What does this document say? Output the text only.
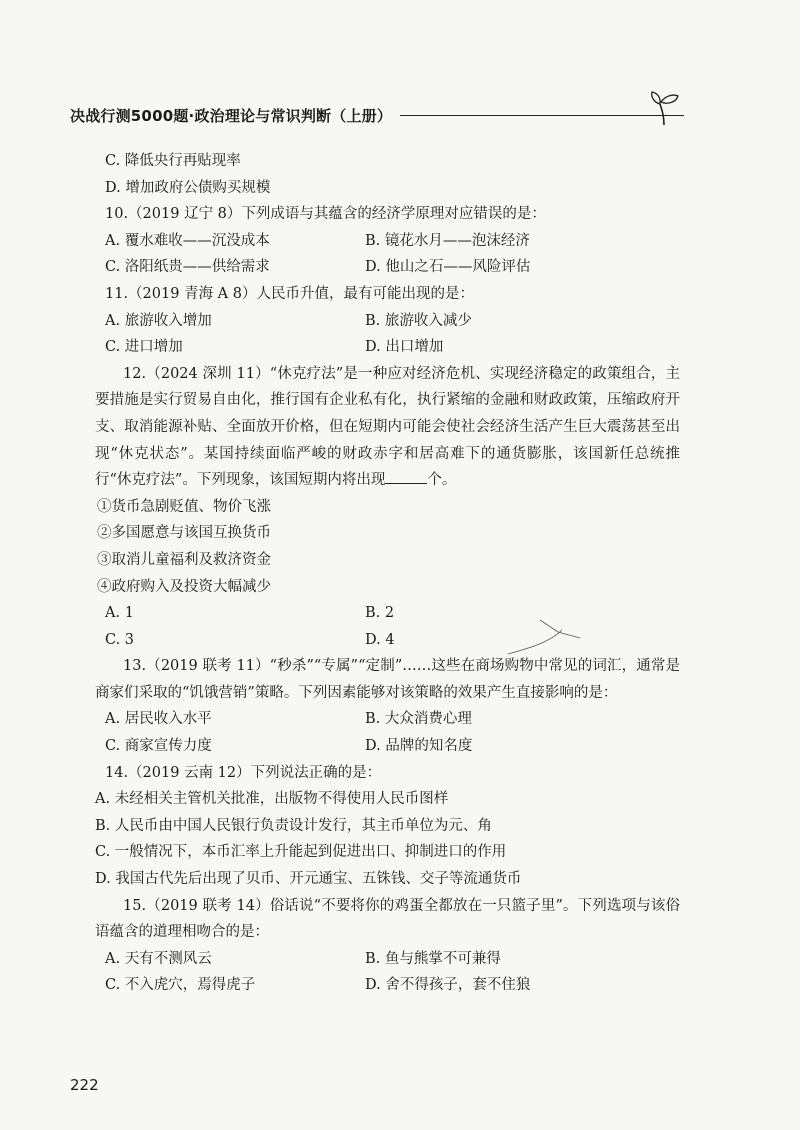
决战行测5000题·政治理论与常识判断（上册）
C. 降低央行再贴现率
D. 增加政府公债购买规模
10.（2019 辽宁 8）下列成语与其蕴含的经济学原理对应错误的是：
A. 覆水难收——沉没成本	B. 镜花水月——泡沫经济
C. 洛阳纸贵——供给需求	D. 他山之石——风险评估
11.（2019 青海 A 8）人民币升值，最有可能出现的是：
A. 旅游收入增加	B. 旅游收入减少
C. 进口增加	D. 出口增加
12.（2024 深圳 11）“休克疗法”是一种应对经济危机、实现经济稳定的政策组合，主要措施是实行贸易自由化，推行国有企业私有化，执行紧缩的金融和财政政策，压缩政府开支、取消能源补贴、全面放开价格，但在短期内可能会使社会经济生活产生巨大震荡甚至出现“休克状态”。某国持续面临严峻的财政赤字和居高难下的通货膨胀，该国新任总统推行“休克疗法”。下列现象，该国短期内将出现	个。
①货币急剧贬值、物价飞涨
②多国愿意与该国互换货币
③取消儿童福利及救济资金
④政府购入及投资大幅减少
A. 1	B. 2
C. 3	D. 4
13.（2019 联考 11）“秒杀”“专属”“定制”……这些在商场购物中常见的词汇，通常是商家们采取的“饥饿营销”策略。下列因素能够对该策略的效果产生直接影响的是：
A. 居民收入水平	B. 大众消费心理
C. 商家宣传力度	D. 品牌的知名度
14.（2019 云南 12）下列说法正确的是：
A. 未经相关主管机关批准，出版物不得使用人民币图样
B. 人民币由中国人民银行负责设计发行，其主币单位为元、角
C. 一般情况下，本币汇率上升能起到促进出口、抑制进口的作用
D. 我国古代先后出现了贝币、开元通宝、五铢钱、交子等流通货币
15.（2019 联考 14）俗话说“不要将你的鸡蛋全都放在一只篮子里”。下列选项与该俗语蕴含的道理相吻合的是：
A. 天有不测风云	B. 鱼与熊掌不可兼得
C. 不入虎穴，焉得虎子	D. 舍不得孩子，套不住狼
222
